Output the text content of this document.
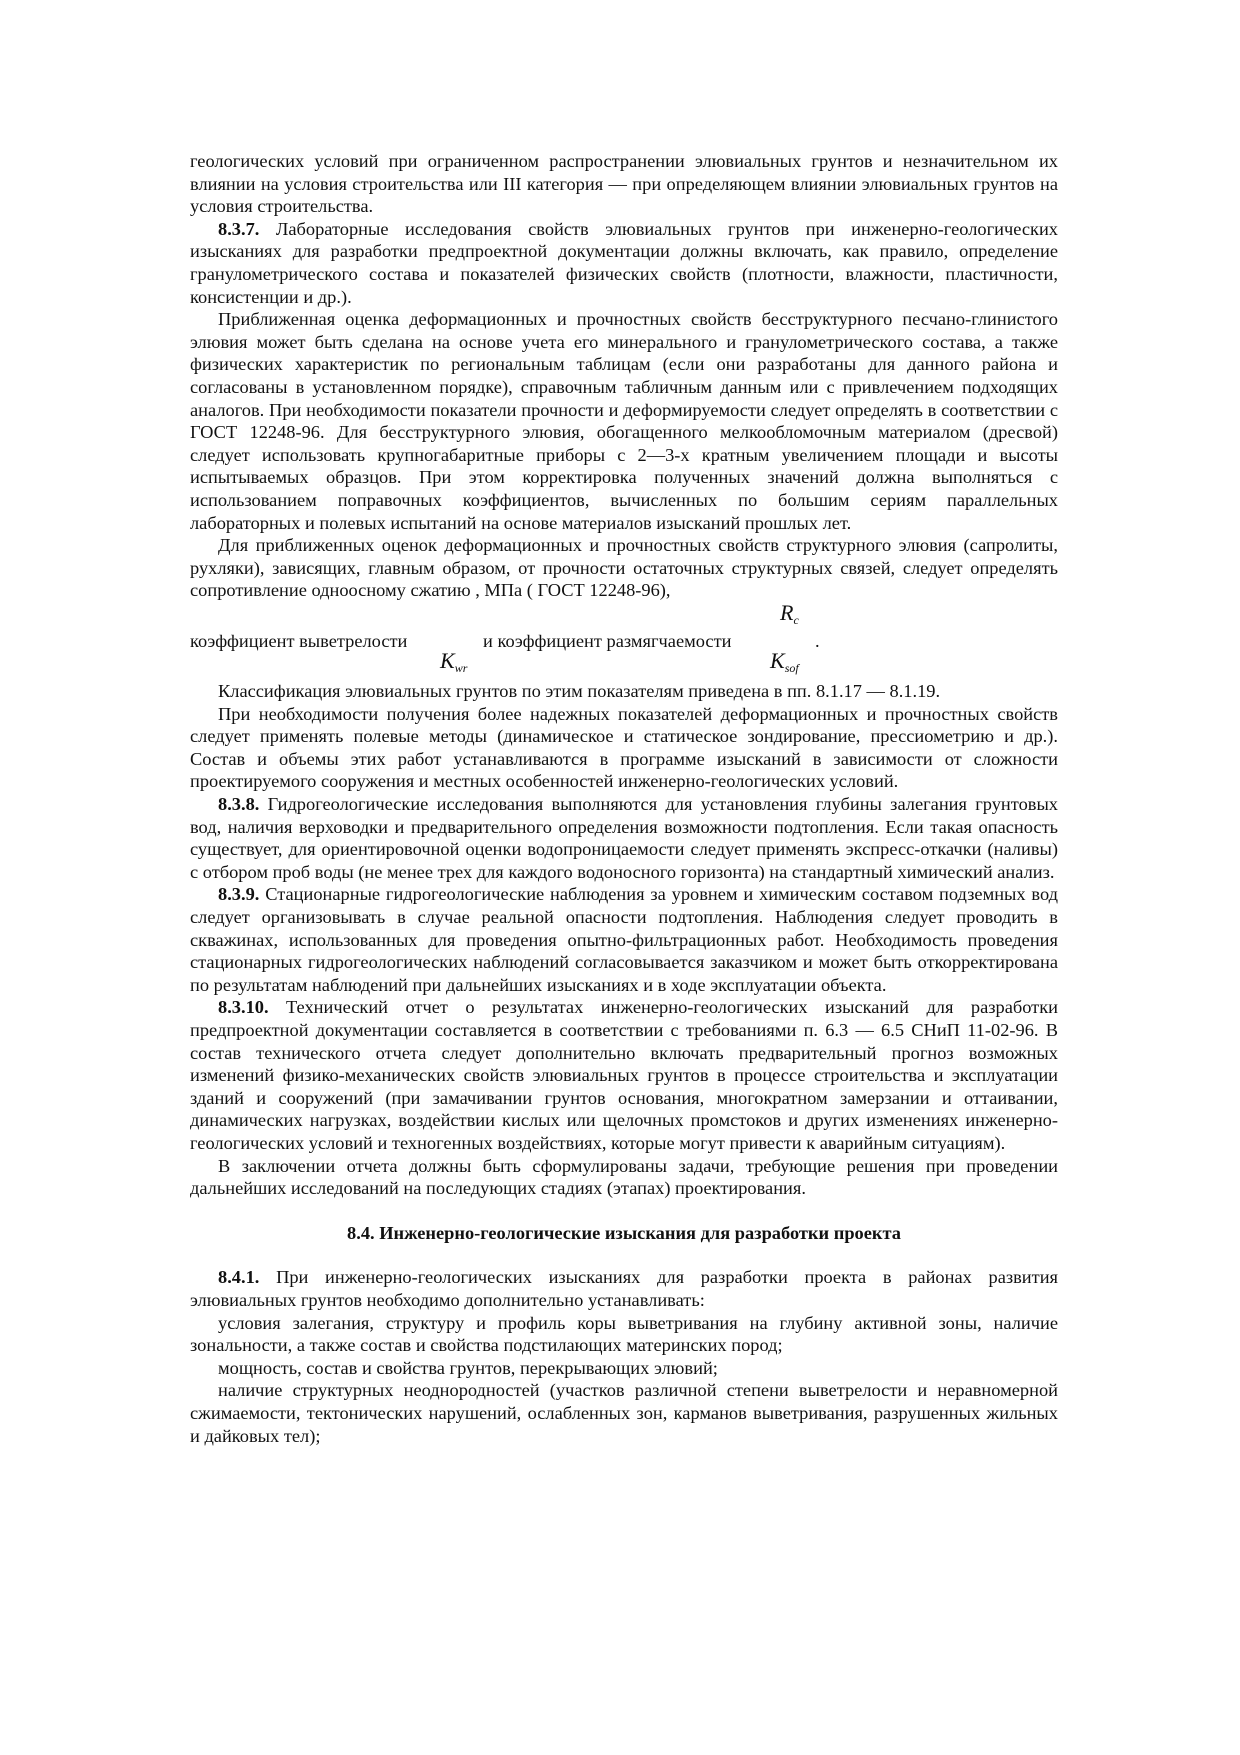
геологических условий при ограниченном распространении элювиальных грунтов и незначительном их влиянии на условия строительства или III категория — при определяющем влиянии элювиальных грунтов на условия строительства.

8.3.7. Лабораторные исследования свойств элювиальных грунтов при инженерно-геологических изысканиях для разработки предпроектной документации должны включать, как правило, определение гранулометрического состава и показателей физических свойств (плотности, влажности, пластичности, консистенции и др.).

Приближенная оценка деформационных и прочностных свойств бесструктурного песчано-глинистого элювия может быть сделана на основе учета его минерального и гранулометрического состава, а также физических характеристик по региональным таблицам (если они разработаны для данного района и согласованы в установленном порядке), справочным табличным данным или с привлечением подходящих аналогов. При необходимости показатели прочности и деформируемости следует определять в соответствии с ГОСТ 12248-96. Для бесструктурного элювия, обогащенного мелкообломочным материалом (дресвой) следует использовать крупногабаритные приборы с 2—3-х кратным увеличением площади и высоты испытываемых образцов. При этом корректировка полученных значений должна выполняться с использованием поправочных коэффициентов, вычисленных по большим сериям параллельных лабораторных и полевых испытаний на основе материалов изысканий прошлых лет.

Для приближенных оценок деформационных и прочностных свойств структурного элювия (сапролиты, рухляки), зависящих, главным образом, от прочности остаточных структурных связей, следует определять сопротивление одноосному сжатию , МПа ( ГОСТ 12248-96),

$R_c$
коэффициент выветрелости	и коэффициент размягчаемости	.
$K_{wr}$	$K_{sof}$

Классификация элювиальных грунтов по этим показателям приведена в пп. 8.1.17 — 8.1.19.

При необходимости получения более надежных показателей деформационных и прочностных свойств следует применять полевые методы (динамическое и статическое зондирование, прессиометрию и др.). Состав и объемы этих работ устанавливаются в программе изысканий в зависимости от сложности проектируемого сооружения и местных особенностей инженерно-геологических условий.

8.3.8. Гидрогеологические исследования выполняются для установления глубины залегания грунтовых вод, наличия верховодки и предварительного определения возможности подтопления. Если такая опасность существует, для ориентировочной оценки водопроницаемости следует применять экспресс-откачки (наливы) с отбором проб воды (не менее трех для каждого водоносного горизонта) на стандартный химический анализ.

8.3.9. Стационарные гидрогеологические наблюдения за уровнем и химическим составом подземных вод следует организовывать в случае реальной опасности подтопления. Наблюдения следует проводить в скважинах, использованных для проведения опытно-фильтрационных работ. Необходимость проведения стационарных гидрогеологических наблюдений согласовывается заказчиком и может быть откорректирована по результатам наблюдений при дальнейших изысканиях и в ходе эксплуатации объекта.

8.3.10. Технический отчет о результатах инженерно-геологических изысканий для разработки предпроектной документации составляется в соответствии с требованиями п. 6.3 — 6.5 СНиП 11-02-96. В состав технического отчета следует дополнительно включать предварительный прогноз возможных изменений физико-механических свойств элювиальных грунтов в процессе строительства и эксплуатации зданий и сооружений (при замачивании грунтов основания, многократном замерзании и оттаивании, динамических нагрузках, воздействии кислых или щелочных промстоков и других изменениях инженерно-геологических условий и техногенных воздействиях, которые могут привести к аварийным ситуациям).

В заключении отчета должны быть сформулированы задачи, требующие решения при проведении дальнейших исследований на последующих стадиях (этапах) проектирования.

8.4. Инженерно-геологические изыскания для разработки проекта

8.4.1. При инженерно-геологических изысканиях для разработки проекта в районах развития элювиальных грунтов необходимо дополнительно устанавливать:

условия залегания, структуру и профиль коры выветривания на глубину активной зоны, наличие зональности, а также состав и свойства подстилающих материнских пород;

мощность, состав и свойства грунтов, перекрывающих элювий;

наличие структурных неоднородностей (участков различной степени выветрелости и неравномерной сжимаемости, тектонических нарушений, ослабленных зон, карманов выветривания, разрушенных жильных и дайковых тел);
